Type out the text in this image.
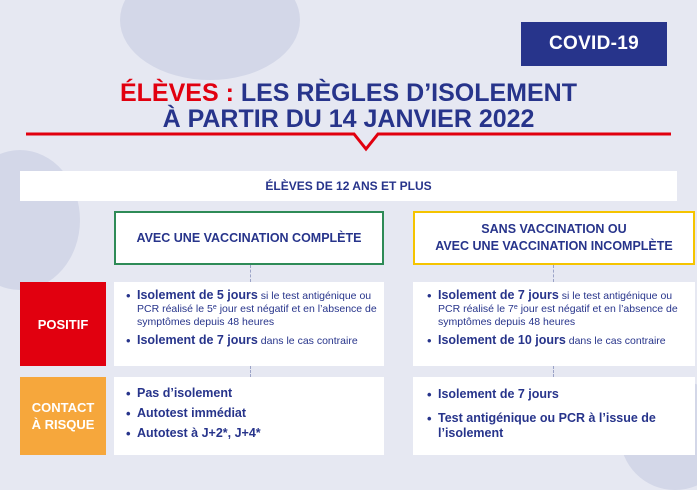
COVID-19
ÉLÈVES : LES RÈGLES D’ISOLEMENT
À PARTIR DU 14 JANVIER 2022
ÉLÈVES DE 12 ANS ET PLUS
AVEC UNE VACCINATION COMPLÈTE
SANS VACCINATION OU
AVEC UNE VACCINATION INCOMPLÈTE
POSITIF
CONTACT
À RISQUE
• Isolement de 5 jours si le test antigénique ou PCR réalisé le 5e jour est négatif et en l’absence de symptômes depuis 48 heures
• Isolement de 7 jours dans le cas contraire
• Isolement de 7 jours si le test antigénique ou PCR réalisé le 7e jour est négatif et en l’absence de symptômes depuis 48 heures
• Isolement de 10 jours dans le cas contraire
• Pas d’isolement
• Autotest immédiat
• Autotest à J+2*, J+4*
• Isolement de 7 jours
• Test antigénique ou PCR à l’issue de l’isolement
